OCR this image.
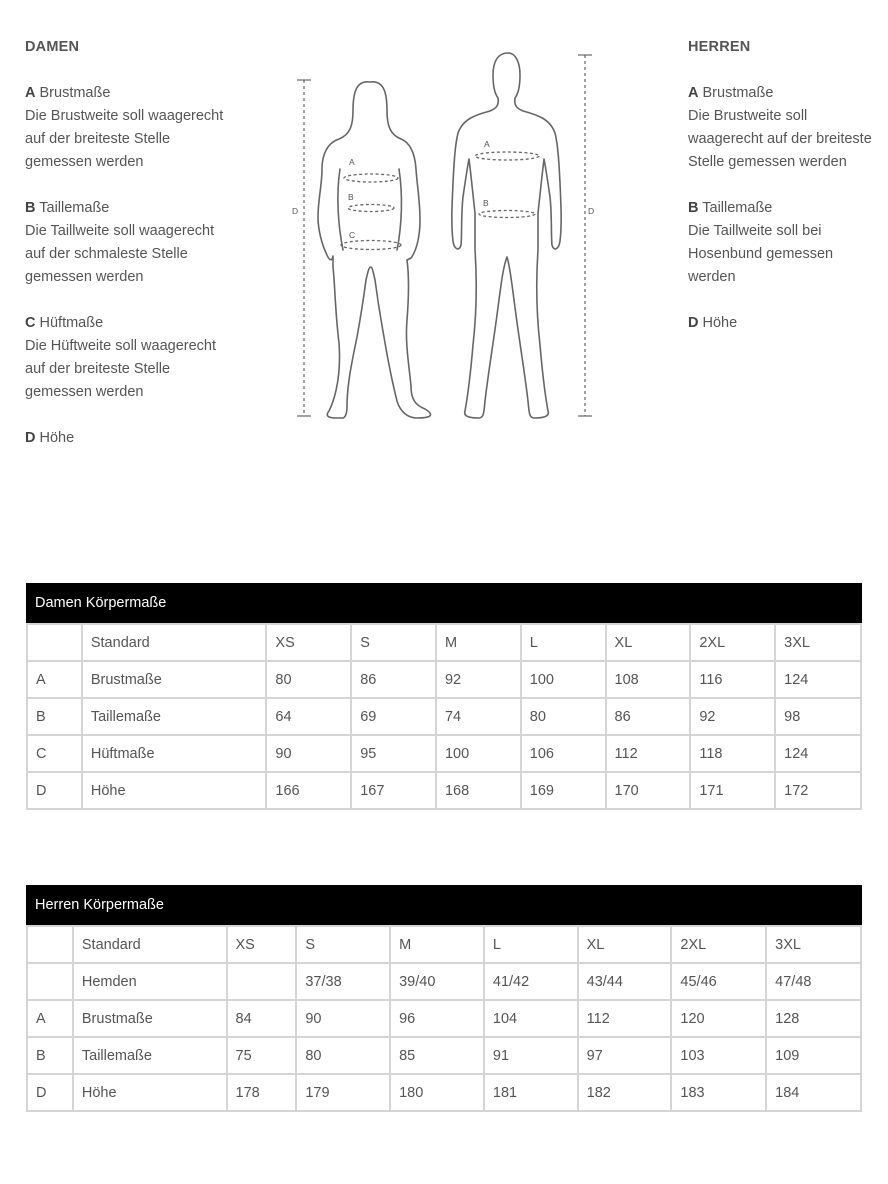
DAMEN
A Brustmaße
Die Brustweite soll waagerecht auf der breiteste Stelle gemessen werden
B Taillemaße
Die Taillweite soll waagerecht auf der schmaleste Stelle gemessen werden
C Hüftmaße
Die Hüftweite soll waagerecht auf der breiteste Stelle gemessen werden
D Höhe
A
B
C
D
A
B
D
HERREN
A Brustmaße
Die Brustweite soll waagerecht auf der breiteste Stelle gemessen werden
B Taillemaße
Die Taillweite soll bei Hosenbund gemessen werden
D Höhe
Damen Körpermaße
	Standard	XS	S	M	L	XL	2XL	3XL
A	Brustmaße	80	86	92	100	108	116	124
B	Taillemaße	64	69	74	80	86	92	98
C	Hüftmaße	90	95	100	106	112	118	124
D	Höhe	166	167	168	169	170	171	172
Herren Körpermaße
	Standard	XS	S	M	L	XL	2XL	3XL
	Hemden		37/38	39/40	41/42	43/44	45/46	47/48
A	Brustmaße	84	90	96	104	112	120	128
B	Taillemaße	75	80	85	91	97	103	109
D	Höhe	178	179	180	181	182	183	184
